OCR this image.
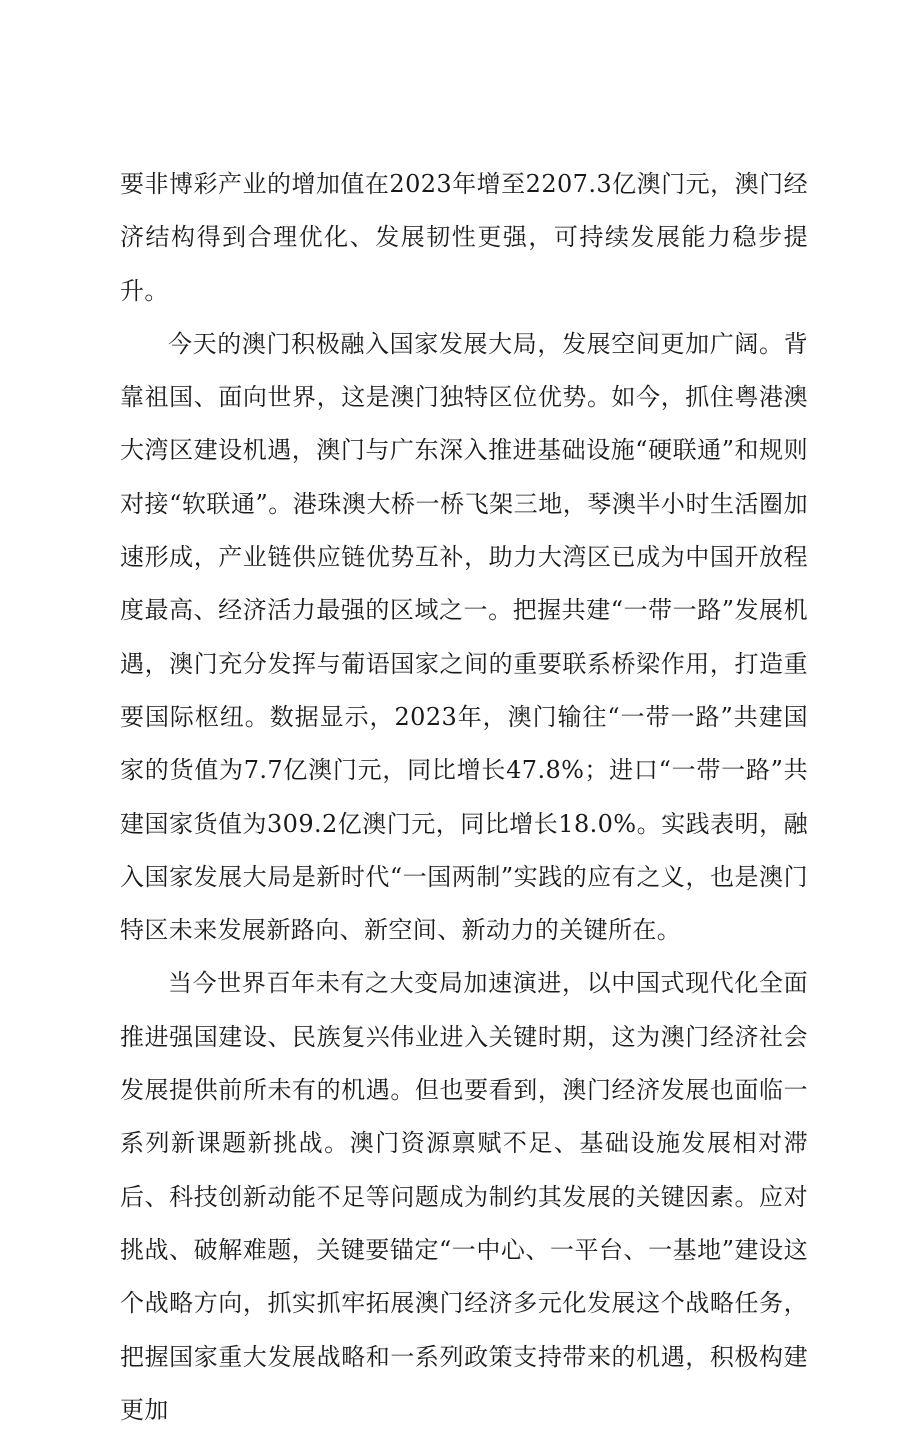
要非博彩产业的增加值在2023年增至2207.3亿澳门元，澳门经济结构得到合理优化、发展韧性更强，可持续发展能力稳步提升。

今天的澳门积极融入国家发展大局，发展空间更加广阔。背靠祖国、面向世界，这是澳门独特区位优势。如今，抓住粤港澳大湾区建设机遇，澳门与广东深入推进基础设施“硬联通”和规则对接“软联通”。港珠澳大桥一桥飞架三地，琴澳半小时生活圈加速形成，产业链供应链优势互补，助力大湾区已成为中国开放程度最高、经济活力最强的区域之一。把握共建“一带一路”发展机遇，澳门充分发挥与葡语国家之间的重要联系桥梁作用，打造重要国际枢纽。数据显示，2023年，澳门输往“一带一路”共建国家的货值为7.7亿澳门元，同比增长47.8%；进口“一带一路”共建国家货值为309.2亿澳门元，同比增长18.0%。实践表明，融入国家发展大局是新时代“一国两制”实践的应有之义，也是澳门特区未来发展新路向、新空间、新动力的关键所在。

当今世界百年未有之大变局加速演进，以中国式现代化全面推进强国建设、民族复兴伟业进入关键时期，这为澳门经济社会发展提供前所未有的机遇。但也要看到，澳门经济发展也面临一系列新课题新挑战。澳门资源禀赋不足、基础设施发展相对滞后、科技创新动能不足等问题成为制约其发展的关键因素。应对挑战、破解难题，关键要锚定“一中心、一平台、一基地”建设这个战略方向，抓实抓牢拓展澳门经济多元化发展这个战略任务，把握国家重大发展战略和一系列政策支持带来的机遇，积极构建更加
